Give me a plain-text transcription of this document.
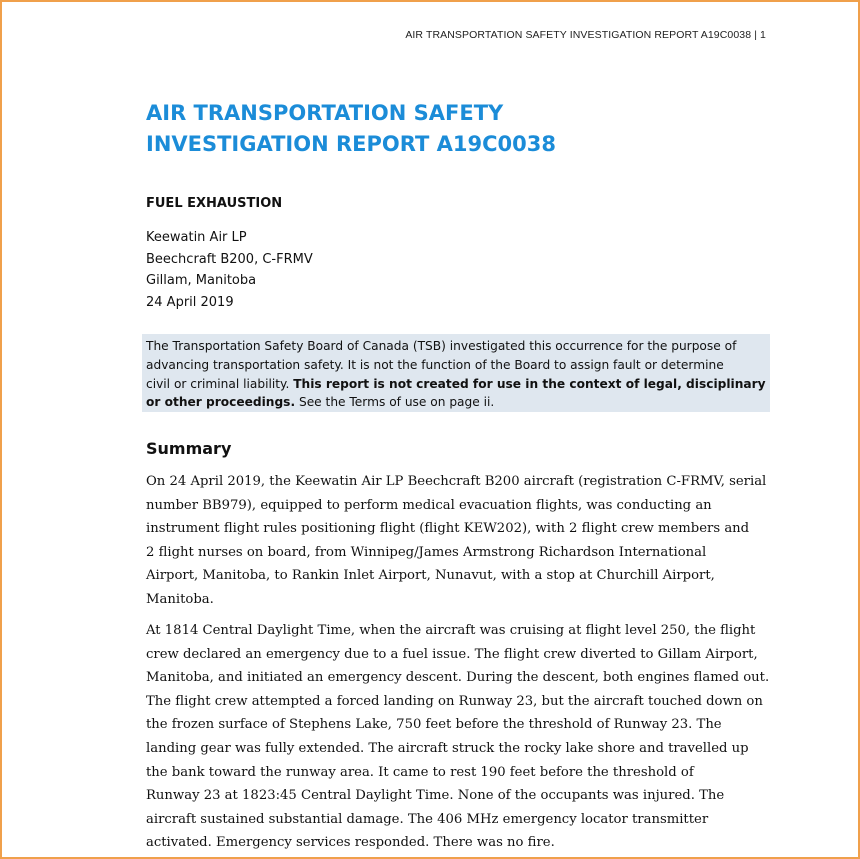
AIR TRANSPORTATION SAFETY INVESTIGATION REPORT A19C0038 | 1
AIR TRANSPORTATION SAFETY
INVESTIGATION REPORT A19C0038
FUEL EXHAUSTION
Keewatin Air LP
Beechcraft B200, C-FRMV
Gillam, Manitoba
24 April 2019
The Transportation Safety Board of Canada (TSB) investigated this occurrence for the purpose of
advancing transportation safety. It is not the function of the Board to assign fault or determine
civil or criminal liability. This report is not created for use in the context of legal, disciplinary
or other proceedings. See the Terms of use on page ii.
Summary
On 24 April 2019, the Keewatin Air LP Beechcraft B200 aircraft (registration C-FRMV, serial
number BB979), equipped to perform medical evacuation flights, was conducting an
instrument flight rules positioning flight (flight KEW202), with 2 flight crew members and
2 flight nurses on board, from Winnipeg/James Armstrong Richardson International
Airport, Manitoba, to Rankin Inlet Airport, Nunavut, with a stop at Churchill Airport,
Manitoba.
At 1814 Central Daylight Time, when the aircraft was cruising at flight level 250, the flight
crew declared an emergency due to a fuel issue. The flight crew diverted to Gillam Airport,
Manitoba, and initiated an emergency descent. During the descent, both engines flamed out.
The flight crew attempted a forced landing on Runway 23, but the aircraft touched down on
the frozen surface of Stephens Lake, 750 feet before the threshold of Runway 23. The
landing gear was fully extended. The aircraft struck the rocky lake shore and travelled up
the bank toward the runway area. It came to rest 190 feet before the threshold of
Runway 23 at 1823:45 Central Daylight Time. None of the occupants was injured. The
aircraft sustained substantial damage. The 406 MHz emergency locator transmitter
activated. Emergency services responded. There was no fire.
